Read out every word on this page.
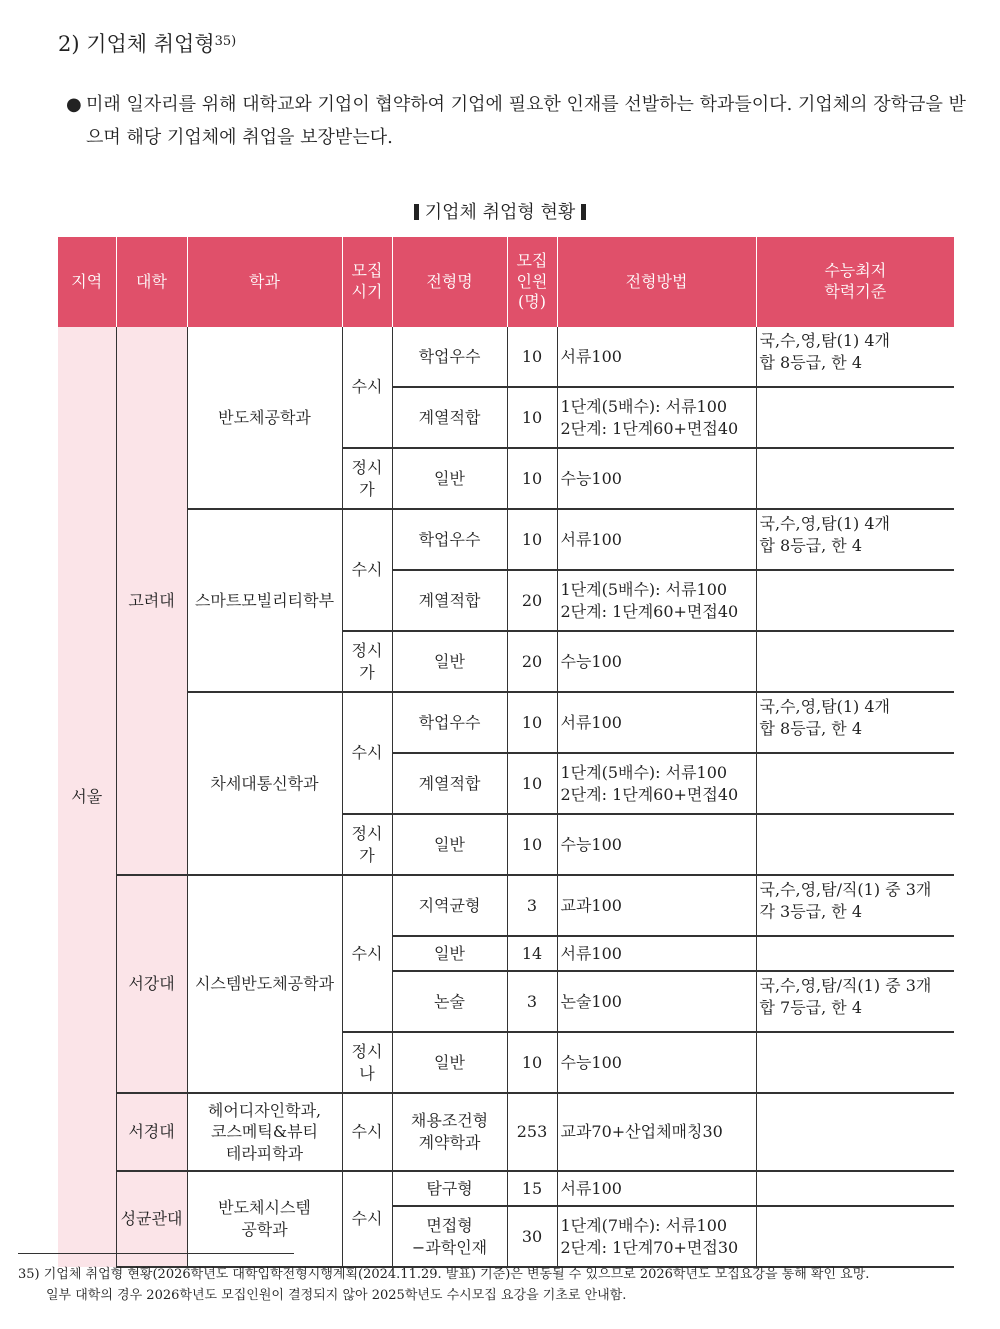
2) 기업체 취업형$^{35)}$
● 미래 일자리를 위해 대학교와 기업이 협약하여 기업에 필요한 인재를 선발하는 학과들이다. 기업체의 장학금을 받으며 해당 기업체에 취업을 보장받는다.
기업체 취업형 현황
지역	대학	학과	모집
시기	전형명	모집
인원
(명)	전형방법	수능최저
학력기준
서울	고려대	반도체공학과	수시	학업우수	10	서류100	국,수,영,탐(1) 4개
합 8등급, 한 4
				계열적합	10	1단계(5배수): 서류100
2단계: 1단계60+면접40	
			정시
가	일반	10	수능100	
		스마트모빌리티학부	수시	학업우수	10	서류100	국,수,영,탐(1) 4개
합 8등급, 한 4
				계열적합	20	1단계(5배수): 서류100
2단계: 1단계60+면접40	
			정시
가	일반	20	수능100	
		차세대통신학과	수시	학업우수	10	서류100	국,수,영,탐(1) 4개
합 8등급, 한 4
				계열적합	10	1단계(5배수): 서류100
2단계: 1단계60+면접40	
			정시
가	일반	10	수능100	
	서강대	시스템반도체공학과	수시	지역균형	3	교과100	국,수,영,탐/직(1) 중 3개
각 3등급, 한 4
				일반	14	서류100	
				논술	3	논술100	국,수,영,탐/직(1) 중 3개
합 7등급, 한 4
			정시
나	일반	10	수능100	
	서경대	헤어디자인학과,
코스메틱&뷰티
테라피학과	수시	채용조건형
계약학과	253	교과70+산업체매칭30	
	성균관대	반도체시스템
공학과	수시	탐구형	15	서류100	
				면접형
−과학인재	30	1단계(7배수): 서류100
2단계: 1단계70+면접30	
35) 기업체 취업형 현황(2026학년도 대학입학전형시행계획(2024.11.29. 발표) 기준)은 변동될 수 있으므로 2026학년도 모집요강을 통해 확인 요망.
일부 대학의 경우 2026학년도 모집인원이 결정되지 않아 2025학년도 수시모집 요강을 기초로 안내함.
